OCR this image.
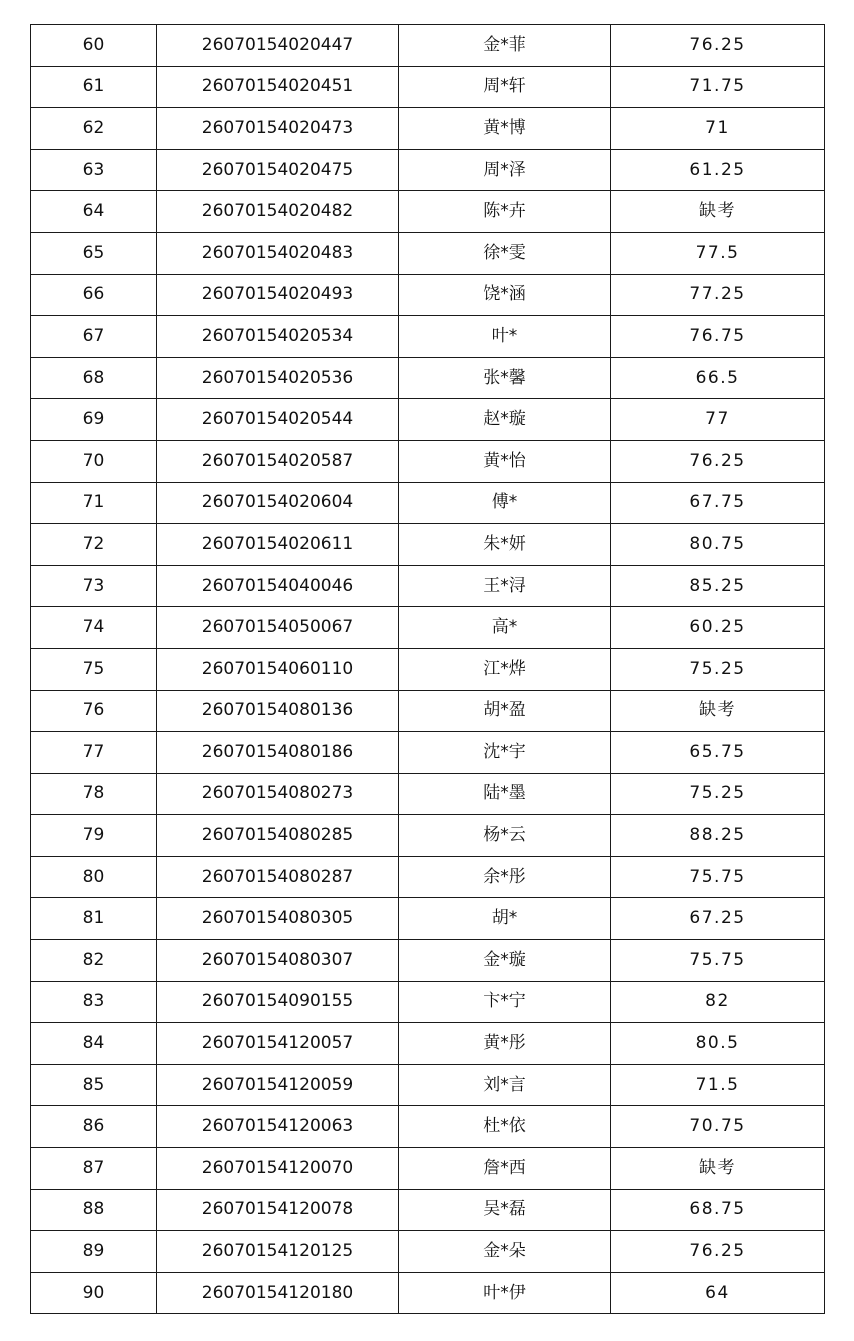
60	26070154020447	金*菲	76.25
61	26070154020451	周*轩	71.75
62	26070154020473	黄*博	71
63	26070154020475	周*泽	61.25
64	26070154020482	陈*卉	缺考
65	26070154020483	徐*雯	77.5
66	26070154020493	饶*涵	77.25
67	26070154020534	叶*	76.75
68	26070154020536	张*馨	66.5
69	26070154020544	赵*璇	77
70	26070154020587	黄*怡	76.25
71	26070154020604	傅*	67.75
72	26070154020611	朱*妍	80.75
73	26070154040046	王*浔	85.25
74	26070154050067	高*	60.25
75	26070154060110	江*烨	75.25
76	26070154080136	胡*盈	缺考
77	26070154080186	沈*宇	65.75
78	26070154080273	陆*墨	75.25
79	26070154080285	杨*云	88.25
80	26070154080287	余*彤	75.75
81	26070154080305	胡*	67.25
82	26070154080307	金*璇	75.75
83	26070154090155	卞*宁	82
84	26070154120057	黄*彤	80.5
85	26070154120059	刘*言	71.5
86	26070154120063	杜*依	70.75
87	26070154120070	詹*西	缺考
88	26070154120078	吴*磊	68.75
89	26070154120125	金*朵	76.25
90	26070154120180	叶*伊	64
